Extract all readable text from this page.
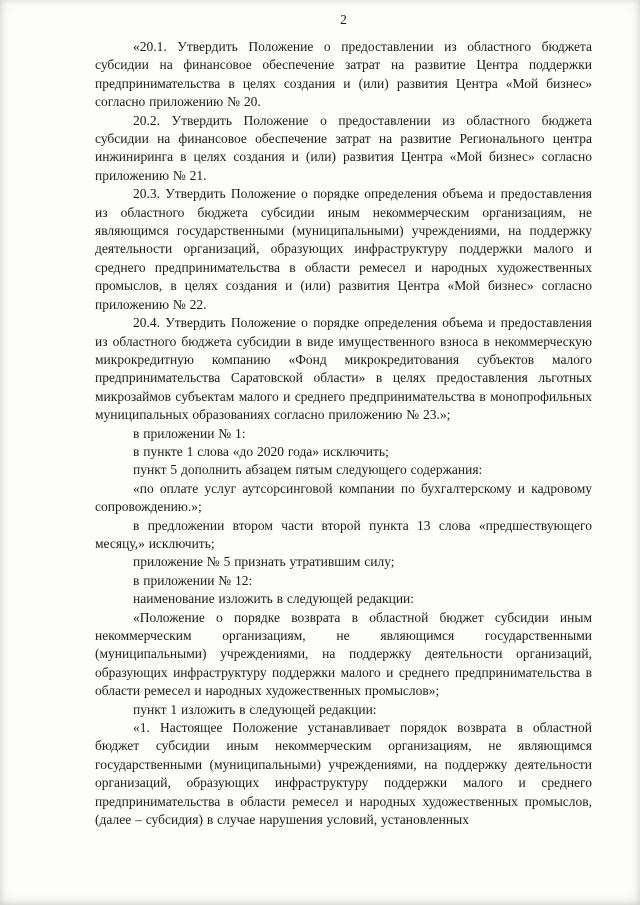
2

«20.1. Утвердить Положение о предоставлении из областного бюджета субсидии на финансовое обеспечение затрат на развитие Центра поддержки предпринимательства в целях создания и (или) развития Центра «Мой бизнес» согласно приложению № 20.

20.2. Утвердить Положение о предоставлении из областного бюджета субсидии на финансовое обеспечение затрат на развитие Регионального центра инжиниринга в целях создания и (или) развития Центра «Мой бизнес» согласно приложению № 21.

20.3. Утвердить Положение о порядке определения объема и предоставления из областного бюджета субсидии иным некоммерческим организациям, не являющимся государственными (муниципальными) учреждениями, на поддержку деятельности организаций, образующих инфраструктуру поддержки малого и среднего предпринимательства в области ремесел и народных художественных промыслов, в целях создания и (или) развития Центра «Мой бизнес» согласно приложению № 22.

20.4. Утвердить Положение о порядке определения объема и предоставления из областного бюджета субсидии в виде имущественного взноса в некоммерческую микрокредитную компанию «Фонд микрокредитования субъектов малого предпринимательства Саратовской области» в целях предоставления льготных микрозаймов субъектам малого и среднего предпринимательства в монопрофильных муниципальных образованиях согласно приложению № 23.»;

в приложении № 1:

в пункте 1 слова «до 2020 года» исключить;

пункт 5 дополнить абзацем пятым следующего содержания:

«по оплате услуг аутсорсинговой компании по бухгалтерскому и кадровому сопровождению.»;

в предложении втором части второй пункта 13 слова «предшествующего месяцу,» исключить;

приложение № 5 признать утратившим силу;

в приложении № 12:

наименование изложить в следующей редакции:

«Положение о порядке возврата в областной бюджет субсидии иным некоммерческим организациям, не являющимся государственными (муниципальными) учреждениями, на поддержку деятельности организаций, образующих инфраструктуру поддержки малого и среднего предпринимательства в области ремесел и народных художественных промыслов»;

пункт 1 изложить в следующей редакции:

«1. Настоящее Положение устанавливает порядок возврата в областной бюджет субсидии иным некоммерческим организациям, не являющимся государственными (муниципальными) учреждениями, на поддержку деятельности организаций, образующих инфраструктуру поддержки малого и среднего предпринимательства в области ремесел и народных художественных промыслов, (далее – субсидия) в случае нарушения условий, установленных
